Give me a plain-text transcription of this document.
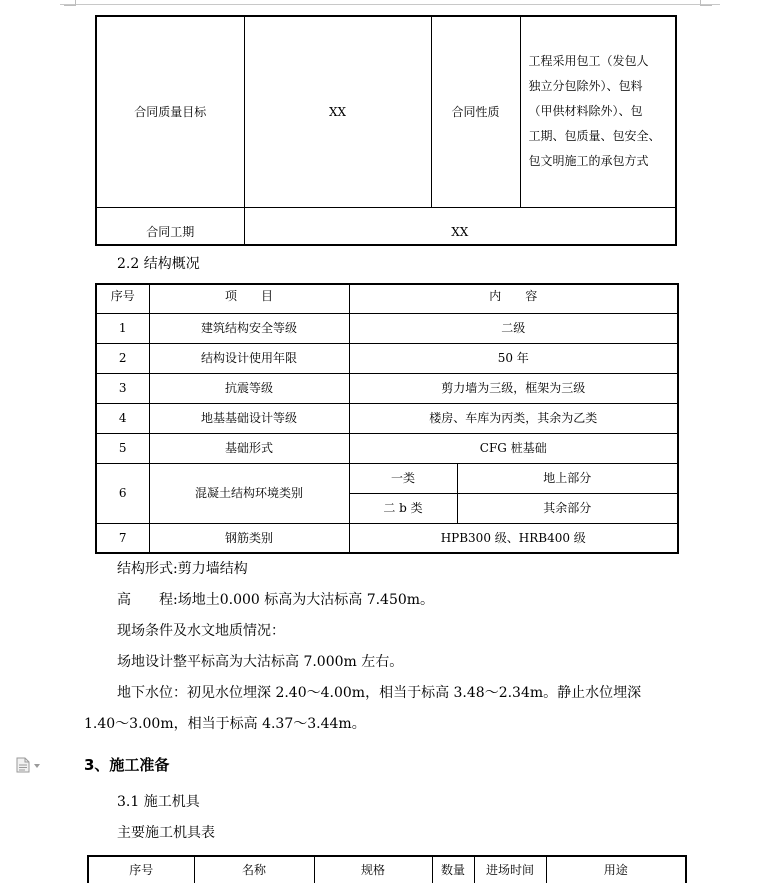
合同质量目标	XX	合同性质	工程采用包工（发包人
独立分包除外）、包料
（甲供材料除外）、包
工期、包质量、包安全、
包文明施工的承包方式

合同工期	XX		
2.2 结构概况
序号	项　　目	内　　容	
1	建筑结构安全等级	二级	
2	结构设计使用年限	50 年	
3	抗震等级	剪力墙为三级，框架为三级	
4	地基基础设计等级	楼房、车库为丙类，其余为乙类	
5	基础形式	CFG 桩基础	
6	混凝土结构环境类别	一类	地上部分
		二 b 类	其余部分
7	钢筋类别	HPB300 级、HRB400 级	
结构形式:剪力墙结构
高　　程:场地土0.000 标高为大沽标高 7.450m。
现场条件及水文地质情况：
场地设计整平标高为大沽标高 7.000m 左右。
地下水位：初见水位埋深 2.40～4.00m，相当于标高 3.48～2.34m。静止水位埋深
1.40～3.00m，相当于标高 4.37～3.44m。
3、施工准备
3.1 施工机具
主要施工机具表
序号	名称	规格	数量	进场时间	用途
